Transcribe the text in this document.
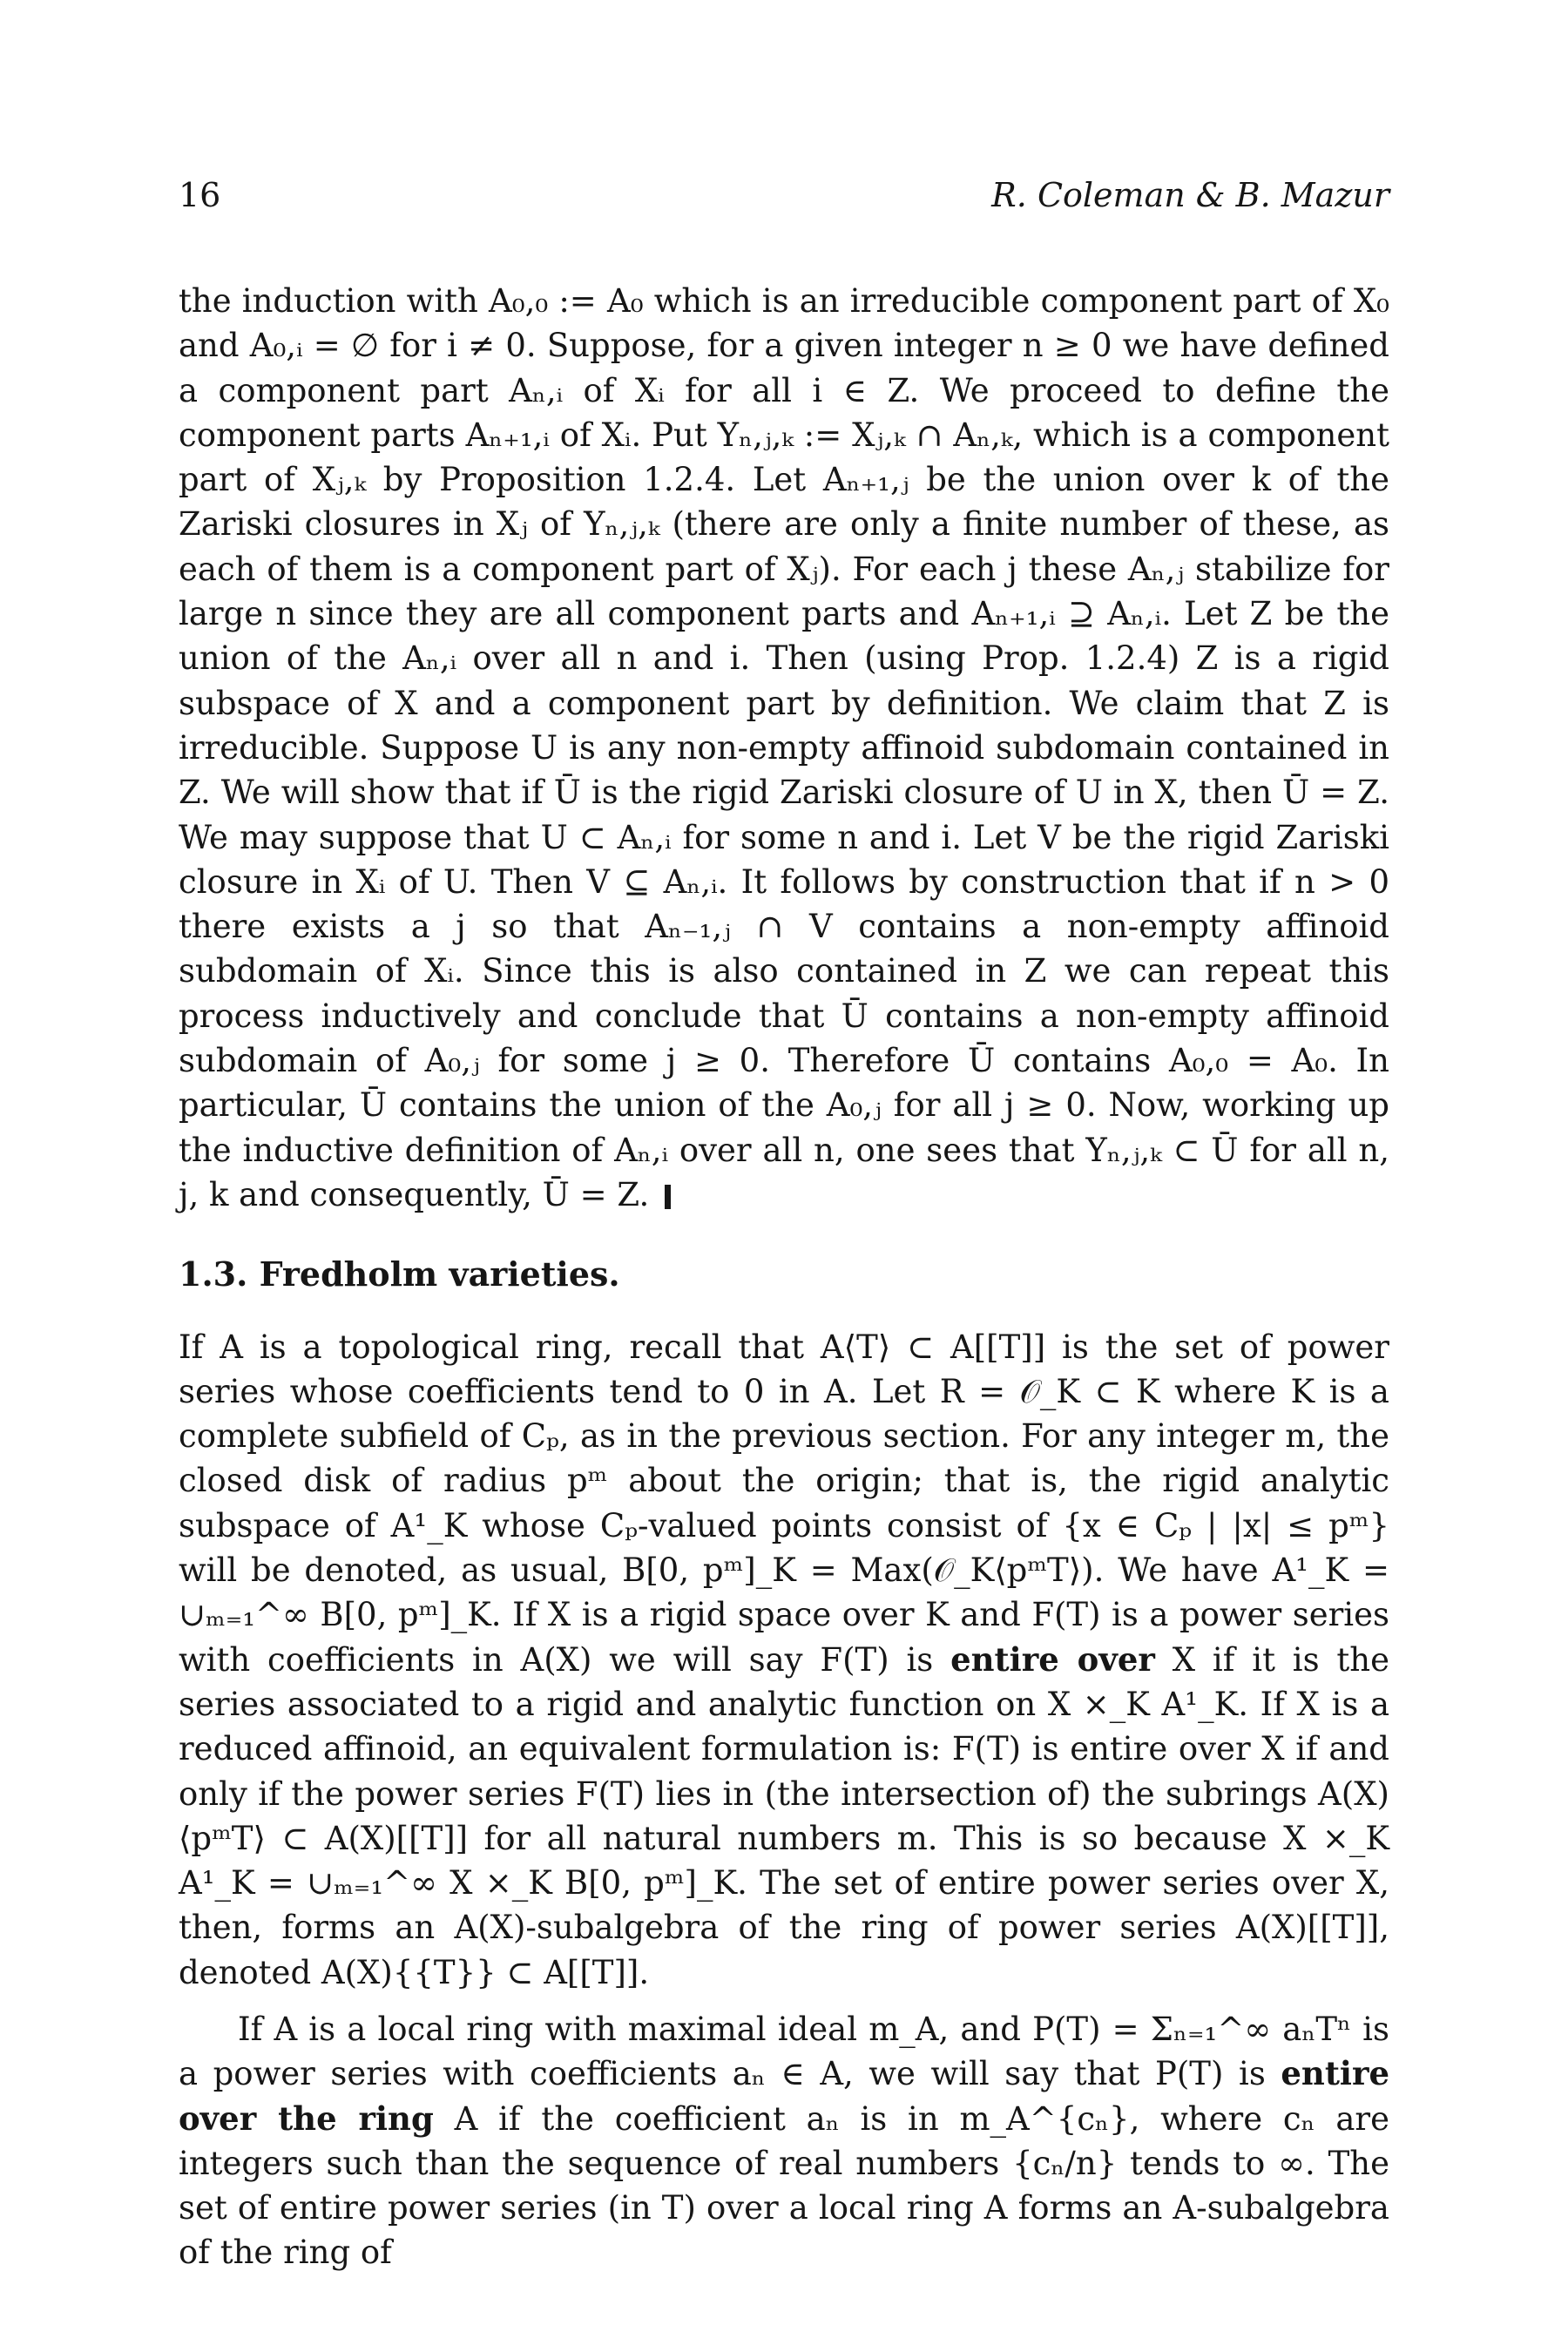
16	R. Coleman & B. Mazur

the induction with A₀,₀ := A₀ which is an irreducible component part of X₀ and A₀,ᵢ = ∅ for i ≠ 0. Suppose, for a given integer n ≥ 0 we have defined a component part Aₙ,ᵢ of Xᵢ for all i ∈ Z. We proceed to define the component parts Aₙ₊₁,ᵢ of Xᵢ. Put Yₙ,ⱼ,ₖ := Xⱼ,ₖ ∩ Aₙ,ₖ, which is a component part of Xⱼ,ₖ by Proposition 1.2.4. Let Aₙ₊₁,ⱼ be the union over k of the Zariski closures in Xⱼ of Yₙ,ⱼ,ₖ (there are only a finite number of these, as each of them is a component part of Xⱼ). For each j these Aₙ,ⱼ stabilize for large n since they are all component parts and Aₙ₊₁,ᵢ ⊇ Aₙ,ᵢ. Let Z be the union of the Aₙ,ᵢ over all n and i. Then (using Prop. 1.2.4) Z is a rigid subspace of X and a component part by definition. We claim that Z is irreducible. Suppose U is any non-empty affinoid subdomain contained in Z. We will show that if Ū is the rigid Zariski closure of U in X, then Ū = Z. We may suppose that U ⊂ Aₙ,ᵢ for some n and i. Let V be the rigid Zariski closure in Xᵢ of U. Then V ⊆ Aₙ,ᵢ. It follows by construction that if n > 0 there exists a j so that Aₙ₋₁,ⱼ ∩ V contains a non-empty affinoid subdomain of Xᵢ. Since this is also contained in Z we can repeat this process inductively and conclude that Ū contains a non-empty affinoid subdomain of A₀,ⱼ for some j ≥ 0. Therefore Ū contains A₀,₀ = A₀. In particular, Ū contains the union of the A₀,ⱼ for all j ≥ 0. Now, working up the inductive definition of Aₙ,ᵢ over all n, one sees that Yₙ,ⱼ,ₖ ⊂ Ū for all n, j, k and consequently, Ū = Z.

1.3. Fredholm varieties.

If A is a topological ring, recall that A⟨T⟩ ⊂ A[[T]] is the set of power series whose coefficients tend to 0 in A. Let R = 𝒪_K ⊂ K where K is a complete subfield of Cₚ, as in the previous section. For any integer m, the closed disk of radius pᵐ about the origin; that is, the rigid analytic subspace of A¹_K whose Cₚ-valued points consist of {x ∈ Cₚ | |x| ≤ pᵐ} will be denoted, as usual, B[0, pᵐ]_K = Max(𝒪_K⟨pᵐT⟩). We have A¹_K = ∪ₘ₌₁^∞ B[0, pᵐ]_K. If X is a rigid space over K and F(T) is a power series with coefficients in A(X) we will say F(T) is entire over X if it is the series associated to a rigid and analytic function on X ×_K A¹_K. If X is a reduced affinoid, an equivalent formulation is: F(T) is entire over X if and only if the power series F(T) lies in (the intersection of) the subrings A(X)⟨pᵐT⟩ ⊂ A(X)[[T]] for all natural numbers m. This is so because X ×_K A¹_K = ∪ₘ₌₁^∞ X ×_K B[0, pᵐ]_K. The set of entire power series over X, then, forms an A(X)-subalgebra of the ring of power series A(X)[[T]], denoted A(X){{T}} ⊂ A[[T]].

If A is a local ring with maximal ideal m_A, and P(T) = Σₙ₌₁^∞ aₙTⁿ is a power series with coefficients aₙ ∈ A, we will say that P(T) is entire over the ring A if the coefficient aₙ is in m_A^{cₙ}, where cₙ are integers such than the sequence of real numbers {cₙ/n} tends to ∞. The set of entire power series (in T) over a local ring A forms an A-subalgebra of the ring of
